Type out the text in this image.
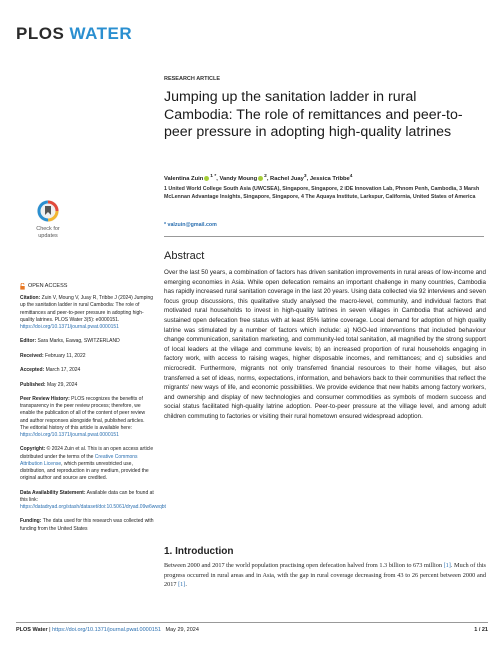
PLOS WATER
RESEARCH ARTICLE
Jumping up the sanitation ladder in rural Cambodia: The role of remittances and peer-to-peer pressure in adopting high-quality latrines
Valentina Zuin $^{1 *}$, Vandy Moung $^2$, Rachel Juay$^3$, Jessica Tribbe$^4$
1 United World College South Asia (UWCSEA), Singapore, Singapore, 2 iDE Innovation Lab, Phnom Penh, Cambodia, 3 Marsh McLennan Advantage Insights, Singapore, Singapore, 4 The Aquaya Institute, Larkspur, California, United States of America
* valzuin@gmail.com
Check for
updates
OPEN ACCESS
Citation: Zuin V, Moung V, Juay R, Tribbe J (2024) Jumping up the sanitation ladder in rural Cambodia: The role of remittances and peer-to-peer pressure in adopting high-quality latrines. PLOS Water 3(5): e0000151. https://doi.org/10.1371/journal.pwat.0000151
Editor: Sara Marks, Eawag, SWITZERLAND
Received: February 11, 2022
Accepted: March 17, 2024
Published: May 29, 2024
Peer Review History: PLOS recognizes the benefits of transparency in the peer review process; therefore, we enable the publication of all of the content of peer review and author responses alongside final, published articles. The editorial history of this article is available here: https://doi.org/10.1371/journal.pwat.0000151
Copyright: © 2024 Zuin et al. This is an open access article distributed under the terms of the Creative Commons Attribution License, which permits unrestricted use, distribution, and reproduction in any medium, provided the original author and source are credited.
Data Availability Statement: Available data can be found at this link: https://datadryad.org/stash/dataset/doi:10.5061/dryad.09w6wwqbt
Funding: The data used for this research was collected with funding from the United States
Abstract
Over the last 50 years, a combination of factors has driven sanitation improvements in rural areas of low-income and emerging economies in Asia. While open defecation remains an important challenge in many countries, Cambodia has rapidly increased rural sanitation coverage in the last 20 years. Using data collected via 92 interviews and seven focus group discussions, this qualitative study analysed the macro-level, community, and individual factors that motivated rural households to invest in high-quality latrines in seven villages in Cambodia that achieved and sustained open defecation free status with at least 85% latrine coverage. Local demand for adoption of high quality latrine was stimulated by a number of factors which include: a) NGO-led interventions that included behaviour change communication, sanitation marketing, and community-led total sanitation, all magnified by the strong support of local leaders at the village and commune levels; b) an increased proportion of rural households engaging in factory work, with access to raising wages, higher disposable incomes, and remittances; and c) subsidies and microcredit. Furthermore, migrants not only transferred financial resources to their home villages, but also transferred a set of ideas, norms, expectations, information, and behaviors back to their communities that reflect the migrants' new ways of life, and economic possibilities. We provide evidence that new habits among factory workers, and ownership and display of new technologies and consumer commodities as symbols of modern success and social status facilitated high-quality latrine adoption. Peer-to-peer pressure at the village level, and among adult children commuting to factories or visiting their rural hometown ensured widespread adoption.
1. Introduction
Between 2000 and 2017 the world population practising open defecation halved from 1.3 billion to 673 million [1]. Much of this progress occurred in rural areas and in Asia, with the gap in rural coverage decreasing from 43 to 26 percent between 2000 and 2017 [1].
PLOS Water | https://doi.org/10.1371/journal.pwat.0000151 May 29, 2024	1 / 21
